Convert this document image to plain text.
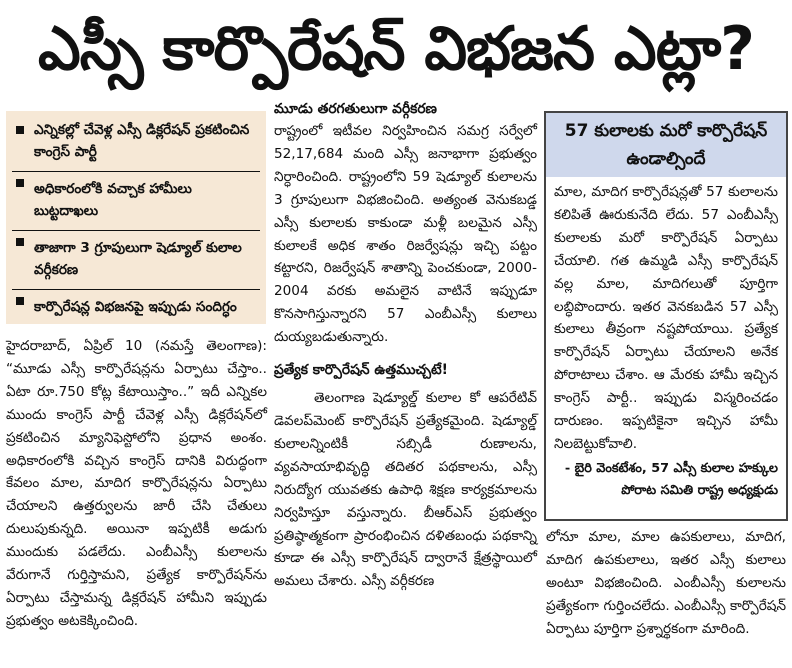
ఎస్సీ కార్పొరేషన్‌ విభజన ఎట్లా?
ఎన్నికల్లో చేవెళ్ల ఎస్సీ డిక్లరేషన్‌ ప్రకటించిన కాంగ్రెస్‌ పార్టీ
అధికారంలోకి వచ్చాక హామీలు బుట్టదాఖలు
తాజాగా 3 గ్రూపులుగా షెడ్యూల్‌ కులాల వర్గీకరణ
కార్పొరేషన్ల విభజనపై ఇప్పుడు సందిగ్ధం

హైదరాబాద్‌, ఏప్రిల్‌ 10 (నమస్తే తెలంగాణ): “మూడు ఎస్సీ కార్పొరేషన్లను ఏర్పాటు చేస్తాం.. ఏటా రూ.750 కోట్ల కేటాయిస్తాం..” ఇదీ ఎన్నికల ముందు కాంగ్రెస్‌ పార్టీ చేవెళ్ల ఎస్సీ డిక్లరేషన్‌లో ప్రకటించిన మ్యానిఫెస్టోలోని ప్రధాన అంశం. అధికారంలోకి వచ్చిన కాంగ్రెస్‌ దానికి విరుద్ధంగా కేవలం మాల, మాదిగ కార్పొరేషన్లను ఏర్పాటు చేయాలని ఉత్తర్వులను జారీ చేసి చేతులు దులుపుకున్నది. అయినా ఇప్పటికీ అడుగు ముందుకు పడలేదు. ఎంబీఎస్సీ కులాలను వేరుగానే గుర్తిస్తామని, ప్రత్యేక కార్పొరేషన్‌ను ఏర్పాటు చేస్తామన్న డిక్లరేషన్‌ హామీని ఇప్పుడు ప్రభుత్వం అటకెక్కించింది.

మూడు తరగతులుగా వర్గీకరణ

రాష్ట్రంలో ఇటీవల నిర్వహించిన సమగ్ర సర్వేలో 52,17,684 మంది ఎస్సీ జనాభాగా ప్రభుత్వం నిర్ధారించింది. రాష్ట్రంలోని 59 షెడ్యూల్‌ కులాలను 3 గ్రూపులుగా విభజించింది. అత్యంత వెనుకబడ్డ ఎస్సీ కులాలకు కాకుండా మళ్లీ బలమైన ఎస్సీ కులాలకే అధిక శాతం రిజర్వేషన్లు ఇచ్చి పట్టం కట్టారని, రిజర్వేషన్‌ శాతాన్ని పెంచకుండా, 2000-2004 వరకు అమలైన వాటినే ఇప్పుడూ కొనసాగిస్తున్నారని 57 ఎంబీఎస్సీ కులాలు దుయ్యబడుతున్నారు.

ప్రత్యేక కార్పొరేషన్‌ ఉత్తముచ్చటే!

తెలంగాణ షెడ్యూల్డ్‌ కులాల కో ఆపరేటివ్‌ డెవలప్‌మెంట్‌ కార్పొరేషన్‌ ప్రత్యేకమైంది. షెడ్యూల్డ్‌ కులాలన్నింటికీ సబ్సిడీ రుణాలను, వ్యవసాయాభివృద్ధి తదితర పథకాలను, ఎస్సీ నిరుద్యోగ యువతకు ఉపాధి శిక్షణ కార్యక్రమాలను నిర్వహిస్తూ వస్తున్నారు. బీఆర్‌ఎస్‌ ప్రభుత్వం ప్రతిష్ఠాత్మకంగా ప్రారంభించిన దళితబంధు పథకాన్ని కూడా ఈ ఎస్సీ కార్పొరేషన్‌ ద్వారానే క్షేత్రస్థాయిలో అమలు చేశారు. ఎస్సీ వర్గీకరణ

57 కులాలకు మరో కార్పొరేషన్‌ ఉండాల్సిందే
మాల, మాదిగ కార్పొరేషన్లతో 57 కులాలను కలిపితే ఊరుకునేది లేదు. 57 ఎంబీఎస్సీ కులాలకు మరో కార్పొరేషన్‌ ఏర్పాటు చేయాలి. గత ఉమ్మడి ఎస్సీ కార్పొరేషన్‌ వల్ల మాల, మాదిగలుతో పూర్తిగా లబ్ధిపొందారు. ఇతర వెనకబడిన 57 ఎస్సీ కులాలు తీవ్రంగా నష్టపోయాయి. ప్రత్యేక కార్పొరేషన్‌ ఏర్పాటు చేయాలని అనేక పోరాటాలు చేశాం. ఆ మేరకు హామీ ఇచ్చిన కాంగ్రెస్‌ పార్టీ.. ఇప్పుడు విస్మరించడం దారుణం. ఇప్పటికైనా ఇచ్చిన హామీ నిలబెట్టుకోవాలి.
- బైరి వెంకటేశం, 57 ఎస్సీ కులాల హక్కుల పోరాట సమితి రాష్ట్ర అధ్యక్షుడు

లోనూ మాల, మాల ఉపకులాలు, మాదిగ, మాదిగ ఉపకులాలు, ఇతర ఎస్సీ కులాలు అంటూ విభజించింది. ఎంబీఎస్సీ కులాలను ప్రత్యేకంగా గుర్తించలేదు. ఎంబీఎస్సీ కార్పొరేషన్‌ ఏర్పాటు పూర్తిగా ప్రశ్నార్థకంగా మారింది.
